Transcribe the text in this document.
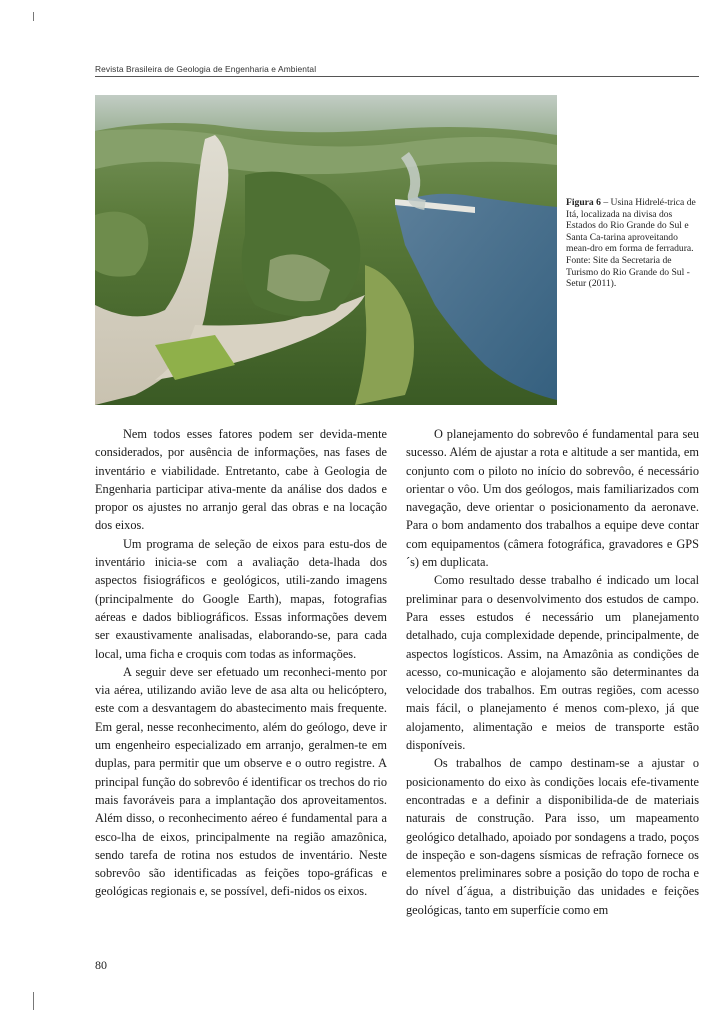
Revista Brasileira de Geologia de Engenharia e Ambiental
Figura 6 – Usina Hidrelé-trica de Itá, localizada na divisa dos Estados do Rio Grande do Sul e Santa Ca-tarina aproveitando mean-dro em forma de ferradura. Fonte: Site da Secretaria de Turismo do Rio Grande do Sul - Setur (2011).

Nem todos esses fatores podem ser devida-mente considerados, por ausência de informações, nas fases de inventário e viabilidade. Entretanto, cabe à Geologia de Engenharia participar ativa-mente da análise dos dados e propor os ajustes no arranjo geral das obras e na locação dos eixos.

Um programa de seleção de eixos para estu-dos de inventário inicia-se com a avaliação deta-lhada dos aspectos fisiográficos e geológicos, utili-zando imagens (principalmente do Google Earth), mapas, fotografias aéreas e dados bibliográficos. Essas informações devem ser exaustivamente analisadas, elaborando-se, para cada local, uma ficha e croquis com todas as informações.

A seguir deve ser efetuado um reconheci-mento por via aérea, utilizando avião leve de asa alta ou helicóptero, este com a desvantagem do abastecimento mais frequente. Em geral, nesse reconhecimento, além do geólogo, deve ir um engenheiro especializado em arranjo, geralmen-te em duplas, para permitir que um observe e o outro registre. A principal função do sobrevôo é identificar os trechos do rio mais favoráveis para a implantação dos aproveitamentos. Além disso, o reconhecimento aéreo é fundamental para a esco-lha de eixos, principalmente na região amazônica, sendo tarefa de rotina nos estudos de inventário. Neste sobrevôo são identificadas as feições topo-gráficas e geológicas regionais e, se possível, defi-nidos os eixos.

O planejamento do sobrevôo é fundamental para seu sucesso. Além de ajustar a rota e altitude a ser mantida, em conjunto com o piloto no início do sobrevôo, é necessário orientar o vôo. Um dos geólogos, mais familiarizados com navegação, deve orientar o posicionamento da aeronave. Para o bom andamento dos trabalhos a equipe deve contar com equipamentos (câmera fotográfica, gravadores e GPS´s) em duplicata.

Como resultado desse trabalho é indicado um local preliminar para o desenvolvimento dos estudos de campo. Para esses estudos é necessário um planejamento detalhado, cuja complexidade depende, principalmente, de aspectos logísticos. Assim, na Amazônia as condições de acesso, co-municação e alojamento são determinantes da velocidade dos trabalhos. Em outras regiões, com acesso mais fácil, o planejamento é menos com-plexo, já que alojamento, alimentação e meios de transporte estão disponíveis.

Os trabalhos de campo destinam-se a ajustar o posicionamento do eixo às condições locais efe-tivamente encontradas e a definir a disponibilida-de de materiais naturais de construção. Para isso, um mapeamento geológico detalhado, apoiado por sondagens a trado, poços de inspeção e son-dagens sísmicas de refração fornece os elementos preliminares sobre a posição do topo de rocha e do nível d´água, a distribuição das unidades e feições geológicas, tanto em superfície como em

80
